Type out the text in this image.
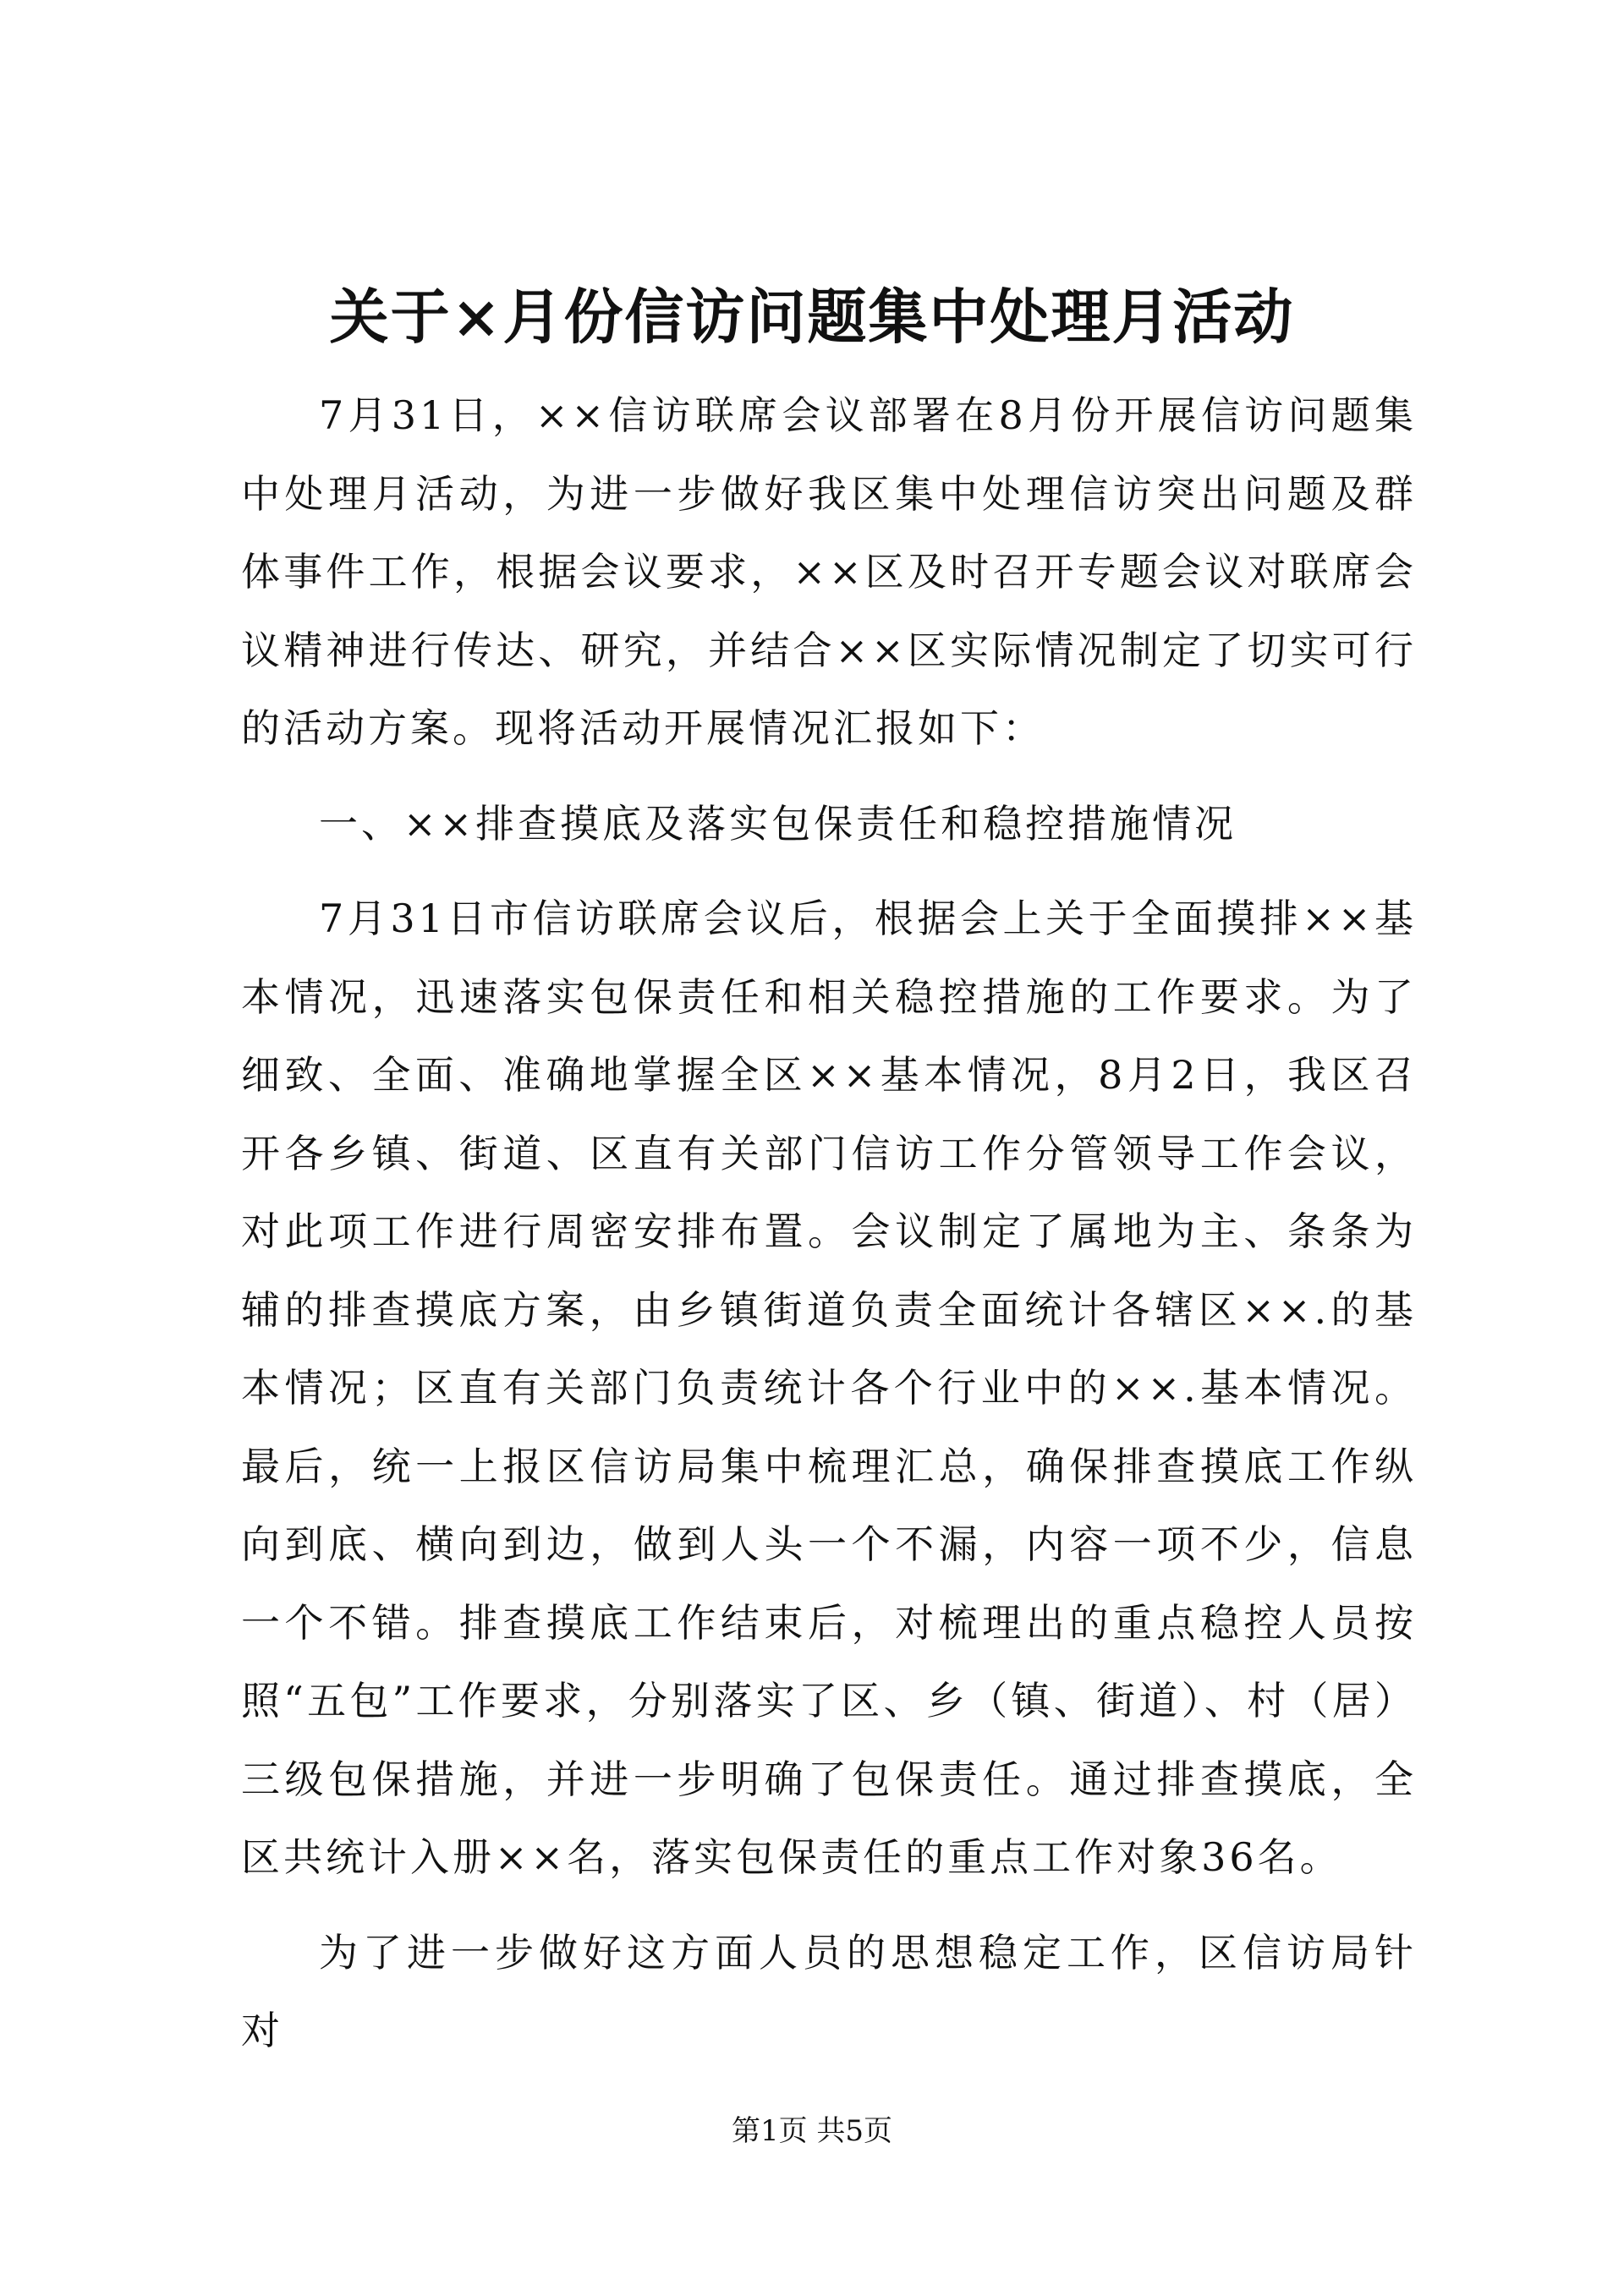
关于×月份信访问题集中处理月活动

7月31日，××信访联席会议部署在8月份开展信访问题集中处理月活动，为进一步做好我区集中处理信访突出问题及群体事件工作，根据会议要求，××区及时召开专题会议对联席会议精神进行传达、研究，并结合××区实际情况制定了切实可行的活动方案。现将活动开展情况汇报如下：

一、××排查摸底及落实包保责任和稳控措施情况

7月31日市信访联席会议后，根据会上关于全面摸排××基本情况，迅速落实包保责任和相关稳控措施的工作要求。为了细致、全面、准确地掌握全区××基本情况，8月2日，我区召开各乡镇、街道、区直有关部门信访工作分管领导工作会议，对此项工作进行周密安排布置。会议制定了属地为主、条条为辅的排查摸底方案，由乡镇街道负责全面统计各辖区××.的基本情况；区直有关部门负责统计各个行业中的××.基本情况。最后，统一上报区信访局集中梳理汇总，确保排查摸底工作纵向到底、横向到边，做到人头一个不漏，内容一项不少，信息一个不错。排查摸底工作结束后，对梳理出的重点稳控人员按照“五包”工作要求，分别落实了区、乡（镇、街道）、村（居）三级包保措施，并进一步明确了包保责任。通过排查摸底，全区共统计入册××名，落实包保责任的重点工作对象36名。

为了进一步做好这方面人员的思想稳定工作，区信访局针对

第1页 共5页
